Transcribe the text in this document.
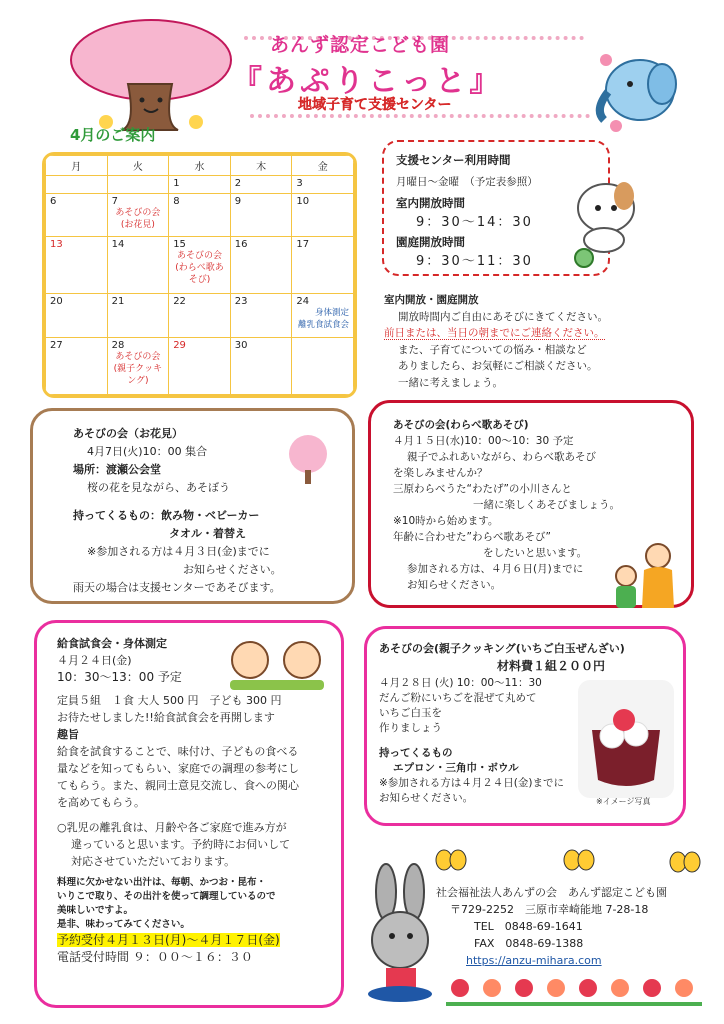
あんず認定こども園
『あぷりこっと』
地域子育て支援センター
4月のご案内
月	火	水	木	金

		1	2	3

6	7
あそびの会
(お花見)	8	9	10

13	14	15
あそびの会
(わらべ歌あそび)	16	17

20	21	22	23	24
身体測定
離乳食試食会

27	28
あそびの会
(親子クッキング)	29	30	

支援センター利用時間
月曜日～金曜　（予定表参照）
室内開放時間
9：30～14：30
園庭開放時間
9：30～11：30
室内開放・園庭開放
開放時間内ご自由にあそびにきてください。
前日または、当日の朝までにご連絡ください。
また、子育てについての悩み・相談など
ありましたら、お気軽にご相談ください。
一緒に考えましょう。
あそびの会（お花見）
4月7日(火)10：00 集合
場所：渡瀬公会堂
桜の花を見ながら、あそぼう
持ってくるもの：飲み物・ベビーカー
タオル・着替え
※参加される方は４月３日(金)までに
お知らせください。
雨天の場合は支援センターであそびます。
あそびの会(わらべ歌あそび)
４月１５日(水)10：00～10：30 予定
親子でふれあいながら、わらべ歌あそび
を楽しみませんか？
三原わらべうた“わたげ”の小川さんと
一緒に楽しくあそびましょう。
※10時から始めます。
年齢に合わせた”わらべ歌あそび”
をしたいと思います。
参加される方は、４月６日(月)までに
お知らせください。
給食試食会・身体測定
４月２４日(金)
10：30～13：00 予定
定員５組　１食 大人 500 円　子ども 300 円
お待たせしました!!給食試食会を再開します
趣旨
給食を試食することで、味付け、子どもの食べる
量などを知ってもらい、家庭での調理の参考にし
てもらう。また、親同士意見交流し、食への関心
を高めてもらう。
○乳児の離乳食は、月齢や各ご家庭で進み方が
違っていると思います。予約時にお伺いして
対応させていただいております。
料理に欠かせない出汁は、毎朝、かつお・昆布・
いりこで取り、その出汁を使って調理しているので
美味しいですよ。
是非、味わってみてください。
予約受付４月１３日(月)～４月１７日(金)
電話受付時間 ９：００～１６：３０
あそびの会(親子クッキング(いちご白玉ぜんざい)
材料費１組２００円
４月２８日 (火) 10：00～11：30
だんご粉にいちごを混ぜて丸めて
いちご白玉を
作りましょう
持ってくるもの
エプロン・三角巾・ボウル
※参加される方は４月２４日(金)までに
お知らせください。	※イメージ写真
社会福祉法人あんずの会　あんず認定こども園
〒729-2252　三原市幸崎能地 7-28-18
TEL　0848-69-1641
FAX　0848-69-1388
https://anzu-mihara.com
